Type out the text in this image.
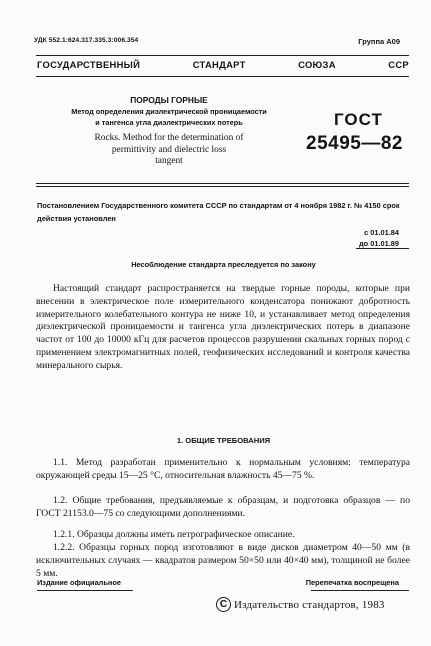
УДК 552.1:624.317.335.3:006.354	Группа А09
ГОСУДАРСТВЕННЫЙ	СТАНДАРТ	СОЮЗА	ССР
ПОРОДЫ ГОРНЫЕ
Метод определения диэлектрической проницаемости
и тангенса угла диэлектрических потерь
Rocks. Method for the determination of
permittivity and dielectric loss
tangent
ГОСТ
25495—82
Постановлением Государственного комитета СССР по стандартам от 4 ноября 1982 г. № 4150 срок действия установлен
с 01.01.84
до 01.01.89
Несоблюдение стандарта преследуется по закону
Настоящий стандарт распространяется на твердые горные породы, которые при внесении в электрическое поле измерительного конденсатора понижают добротность измерительного колебательного контура не ниже 10, и устанавливает метод определения диэлектрической проницаемости и тангенса угла диэлектрических потерь в диапазоне частот от 100 до 10000 кГц для расчетов процессов разрушения скальных горных пород с применением электромагнитных полей, геофизических исследований и контроля качества минерального сырья.
1. ОБЩИЕ ТРЕБОВАНИЯ
1.1. Метод разработан применительно к нормальным условиям: температура окружающей среды 15—25 °C, относительная влажность 45—75 %.
1.2. Общие требования, предъявляемые к образцам, и подготовка образцов — по ГОСТ 21153.0—75 со следующими дополнениями.
1.2.1. Образцы должны иметь петрографическое описание.
1.2.2. Образцы горных пород изготовляют в виде дисков диаметром 40—50 мм (в исключительных случаях — квадратов размером 50×50 или 40×40 мм), толщиной не более 5 мм.
Издание официальное	Перепечатка воспрещена
C Издательство стандартов, 1983
